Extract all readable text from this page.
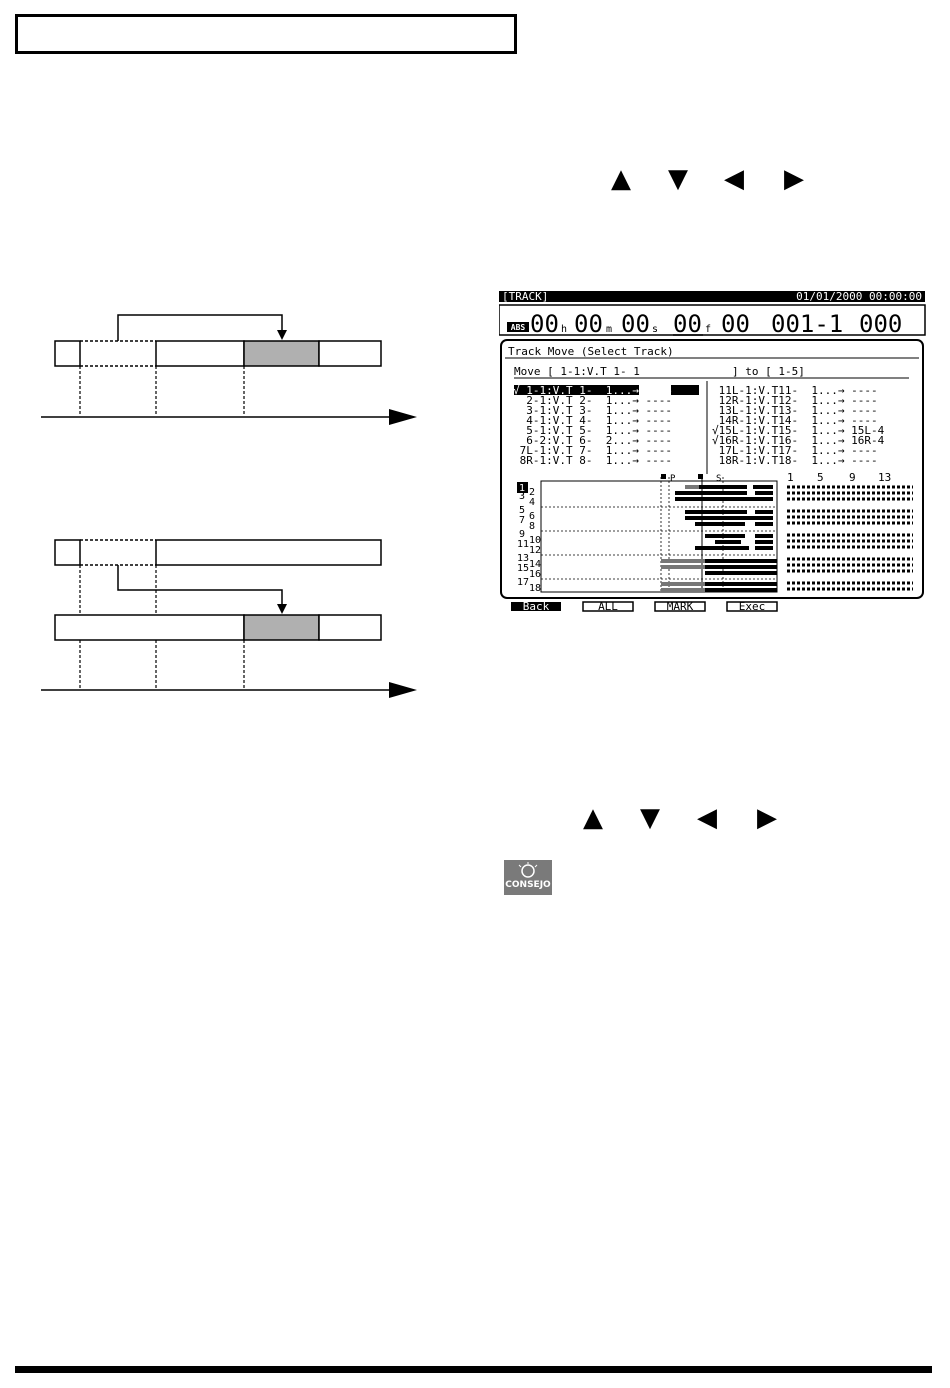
▲ ▼ ◀ ▶
[TRACK]	01/01/2000 00:00:00
ABS 00 h 00 m 00 s 00 f 00 001-1 000
Track Move (Select Track)
Move [ 1-1:V.T 1- 1	] to [ 1-5]
√ 1-1:V.T 1-  1...→  1-5
2-1:V.T 2-  1...→ ----
3-1:V.T 3-  1...→ ----
4-1:V.T 4-  1...→ ----
5-1:V.T 5-  1...→ ----
6-2:V.T 6-  2...→ ----
7L-1:V.T 7-  1...→ ----
8R-1:V.T 8-  1...→ ----
11L-1:V.T11-  1...→ ----
12R-1:V.T12-  1...→ ----
13L-1:V.T13-  1...→ ----
14R-1:V.T14-  1...→ ----
√15L-1:V.T15-  1...→ 15L-4
√16R-1:V.T16-  1...→ 16R-4
17L-1:V.T17-  1...→ ----
18R-1:V.T18-  1...→ ----
P	S
1 2
3
4
5
6
7
8
9
10
11
12
13
14
15
16
17
18
1 5 9 13
Back	ALL	MARK	Exec
▲ ▼ ◀ ▶
CONSEJO
